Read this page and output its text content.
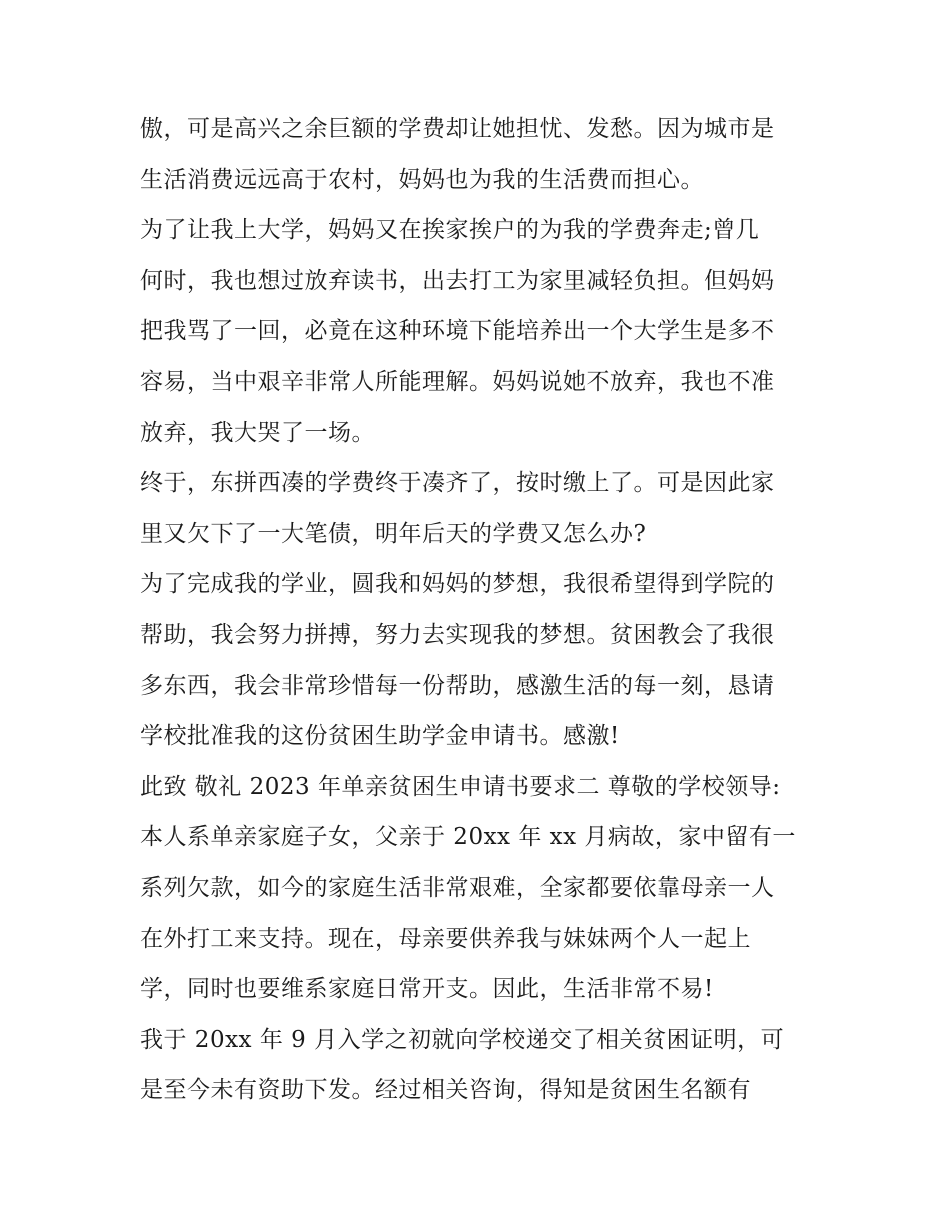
傲，可是高兴之余巨额的学费却让她担忧、发愁。因为城市是
生活消费远远高于农村，妈妈也为我的生活费而担心。
为了让我上大学，妈妈又在挨家挨户的为我的学费奔走;曾几
何时，我也想过放弃读书，出去打工为家里减轻负担。但妈妈
把我骂了一回，必竟在这种环境下能培养出一个大学生是多不
容易，当中艰辛非常人所能理解。妈妈说她不放弃，我也不准
放弃，我大哭了一场。
终于，东拼西凑的学费终于凑齐了，按时缴上了。可是因此家
里又欠下了一大笔债，明年后天的学费又怎么办?
为了完成我的学业，圆我和妈妈的梦想，我很希望得到学院的
帮助，我会努力拼搏，努力去实现我的梦想。贫困教会了我很
多东西，我会非常珍惜每一份帮助，感激生活的每一刻，恳请
学校批准我的这份贫困生助学金申请书。感激!
此致 敬礼 2023 年单亲贫困生申请书要求二 尊敬的学校领导:
本人系单亲家庭子女，父亲于 20xx 年 xx 月病故，家中留有一
系列欠款，如今的家庭生活非常艰难，全家都要依靠母亲一人
在外打工来支持。现在，母亲要供养我与妹妹两个人一起上
学，同时也要维系家庭日常开支。因此，生活非常不易!
我于 20xx 年 9 月入学之初就向学校递交了相关贫困证明，可
是至今未有资助下发。经过相关咨询，得知是贫困生名额有
